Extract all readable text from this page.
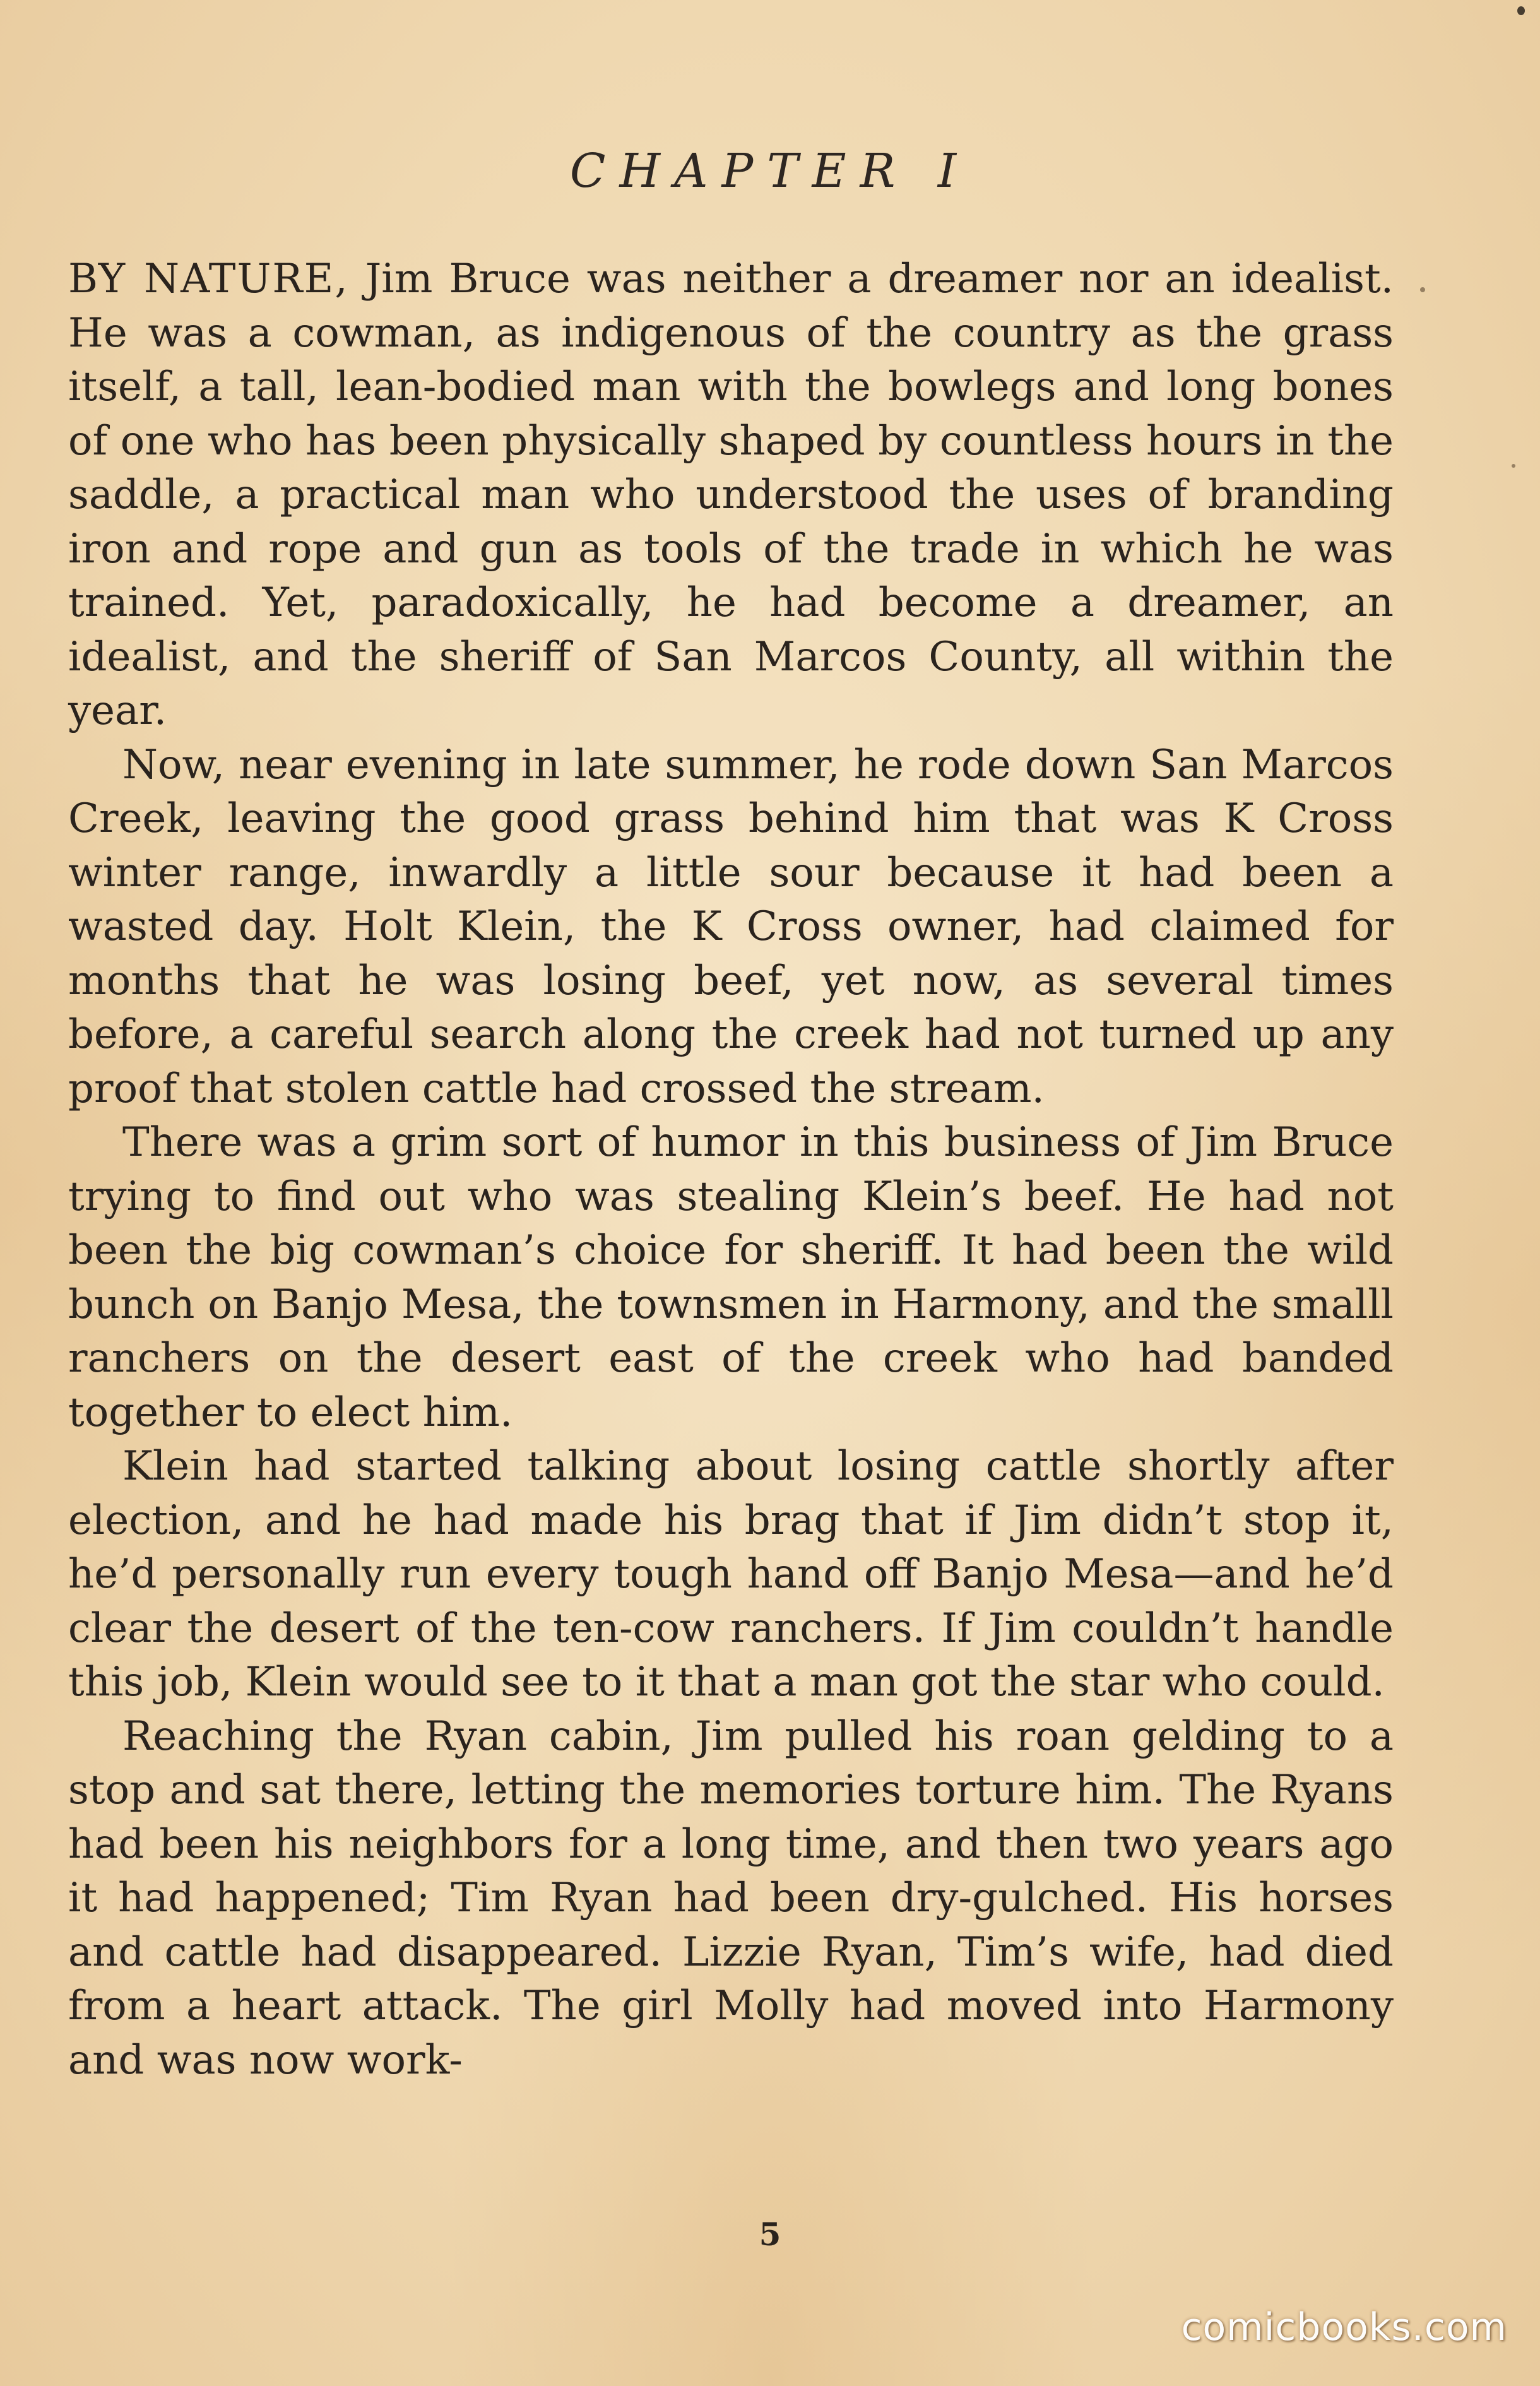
CHAPTER I

BY NATURE, Jim Bruce was neither a dreamer nor an idealist. He was a cowman, as indigenous of the country as the grass itself, a tall, lean-bodied man with the bowlegs and long bones of one who has been physically shaped by countless hours in the saddle, a practical man who understood the uses of branding iron and rope and gun as tools of the trade in which he was trained. Yet, paradoxically, he had become a dreamer, an idealist, and the sheriff of San Marcos County, all within the year.

Now, near evening in late summer, he rode down San Marcos Creek, leaving the good grass behind him that was K Cross winter range, inwardly a little sour because it had been a wasted day. Holt Klein, the K Cross owner, had claimed for months that he was losing beef, yet now, as several times before, a careful search along the creek had not turned up any proof that stolen cattle had crossed the stream.

There was a grim sort of humor in this business of Jim Bruce trying to find out who was stealing Klein’s beef. He had not been the big cowman’s choice for sheriff. It had been the wild bunch on Banjo Mesa, the townsmen in Harmony, and the smalll ranchers on the desert east of the creek who had banded together to elect him.

Klein had started talking about losing cattle shortly after election, and he had made his brag that if Jim didn’t stop it, he’d personally run every tough hand off Banjo Mesa—and he’d clear the desert of the ten-cow ranchers. If Jim couldn’t handle this job, Klein would see to it that a man got the star who could.

Reaching the Ryan cabin, Jim pulled his roan gelding to a stop and sat there, letting the memories torture him. The Ryans had been his neighbors for a long time, and then two years ago it had happened; Tim Ryan had been dry-gulched. His horses and cattle had disappeared. Lizzie Ryan, Tim’s wife, had died from a heart attack. The girl Molly had moved into Harmony and was now work-

5
comicbooks.com
